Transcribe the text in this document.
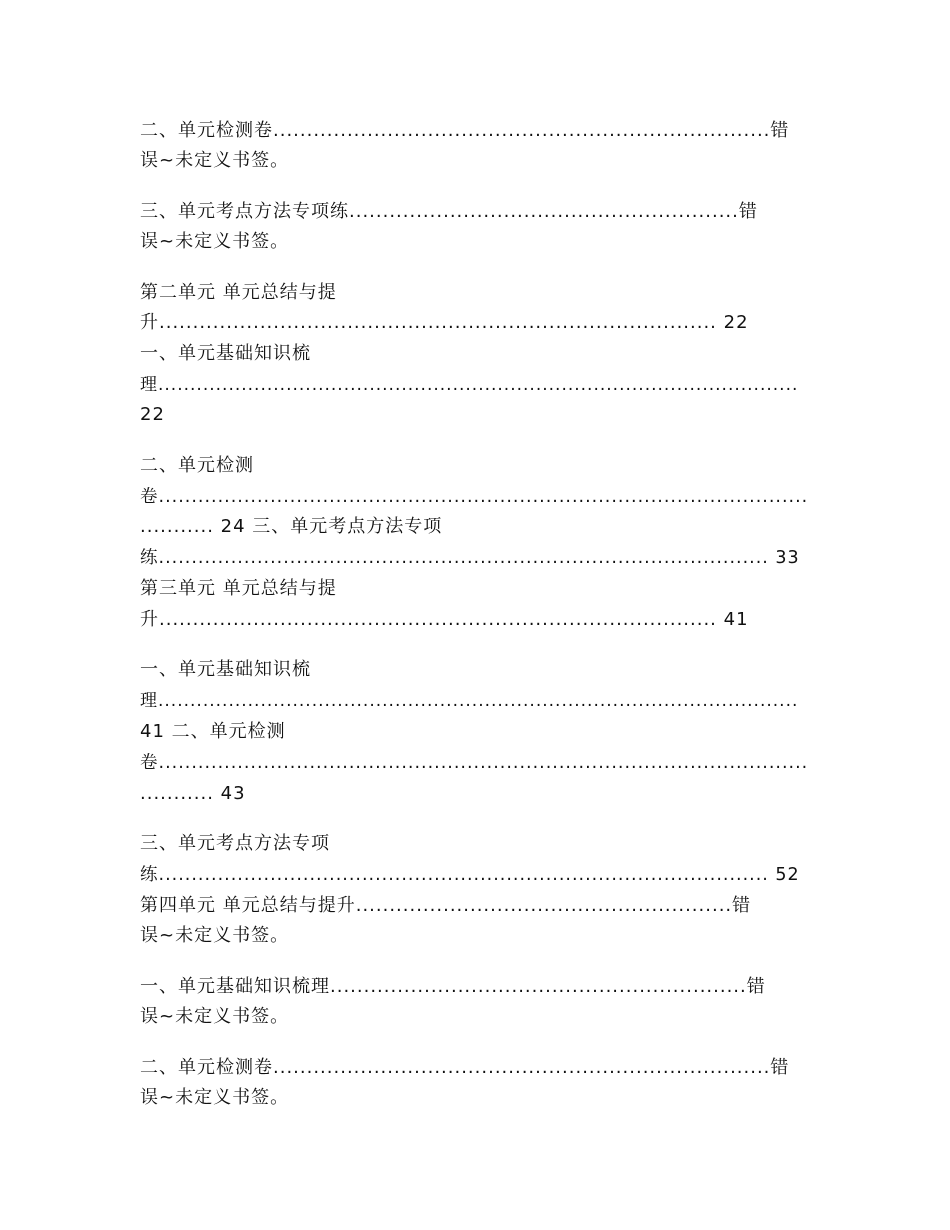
二、单元检测卷..........................................................................错
误~未定义书签。
三、单元考点方法专项练..........................................................错
误~未定义书签。
第二单元 单元总结与提
升................................................................................... 22
一、单元基础知识梳
理....................................................................................................
22
二、单元检测
卷...................................................................................................
........... 24 三、单元考点方法专项
练............................................................................................. 33
第三单元 单元总结与提
升................................................................................... 41
一、单元基础知识梳
理....................................................................................................
41 二、单元检测
卷...................................................................................................
........... 43
三、单元考点方法专项
练............................................................................................. 52
第四单元 单元总结与提升........................................................错
误~未定义书签。
一、单元基础知识梳理..............................................................错
误~未定义书签。
二、单元检测卷..........................................................................错
误~未定义书签。
